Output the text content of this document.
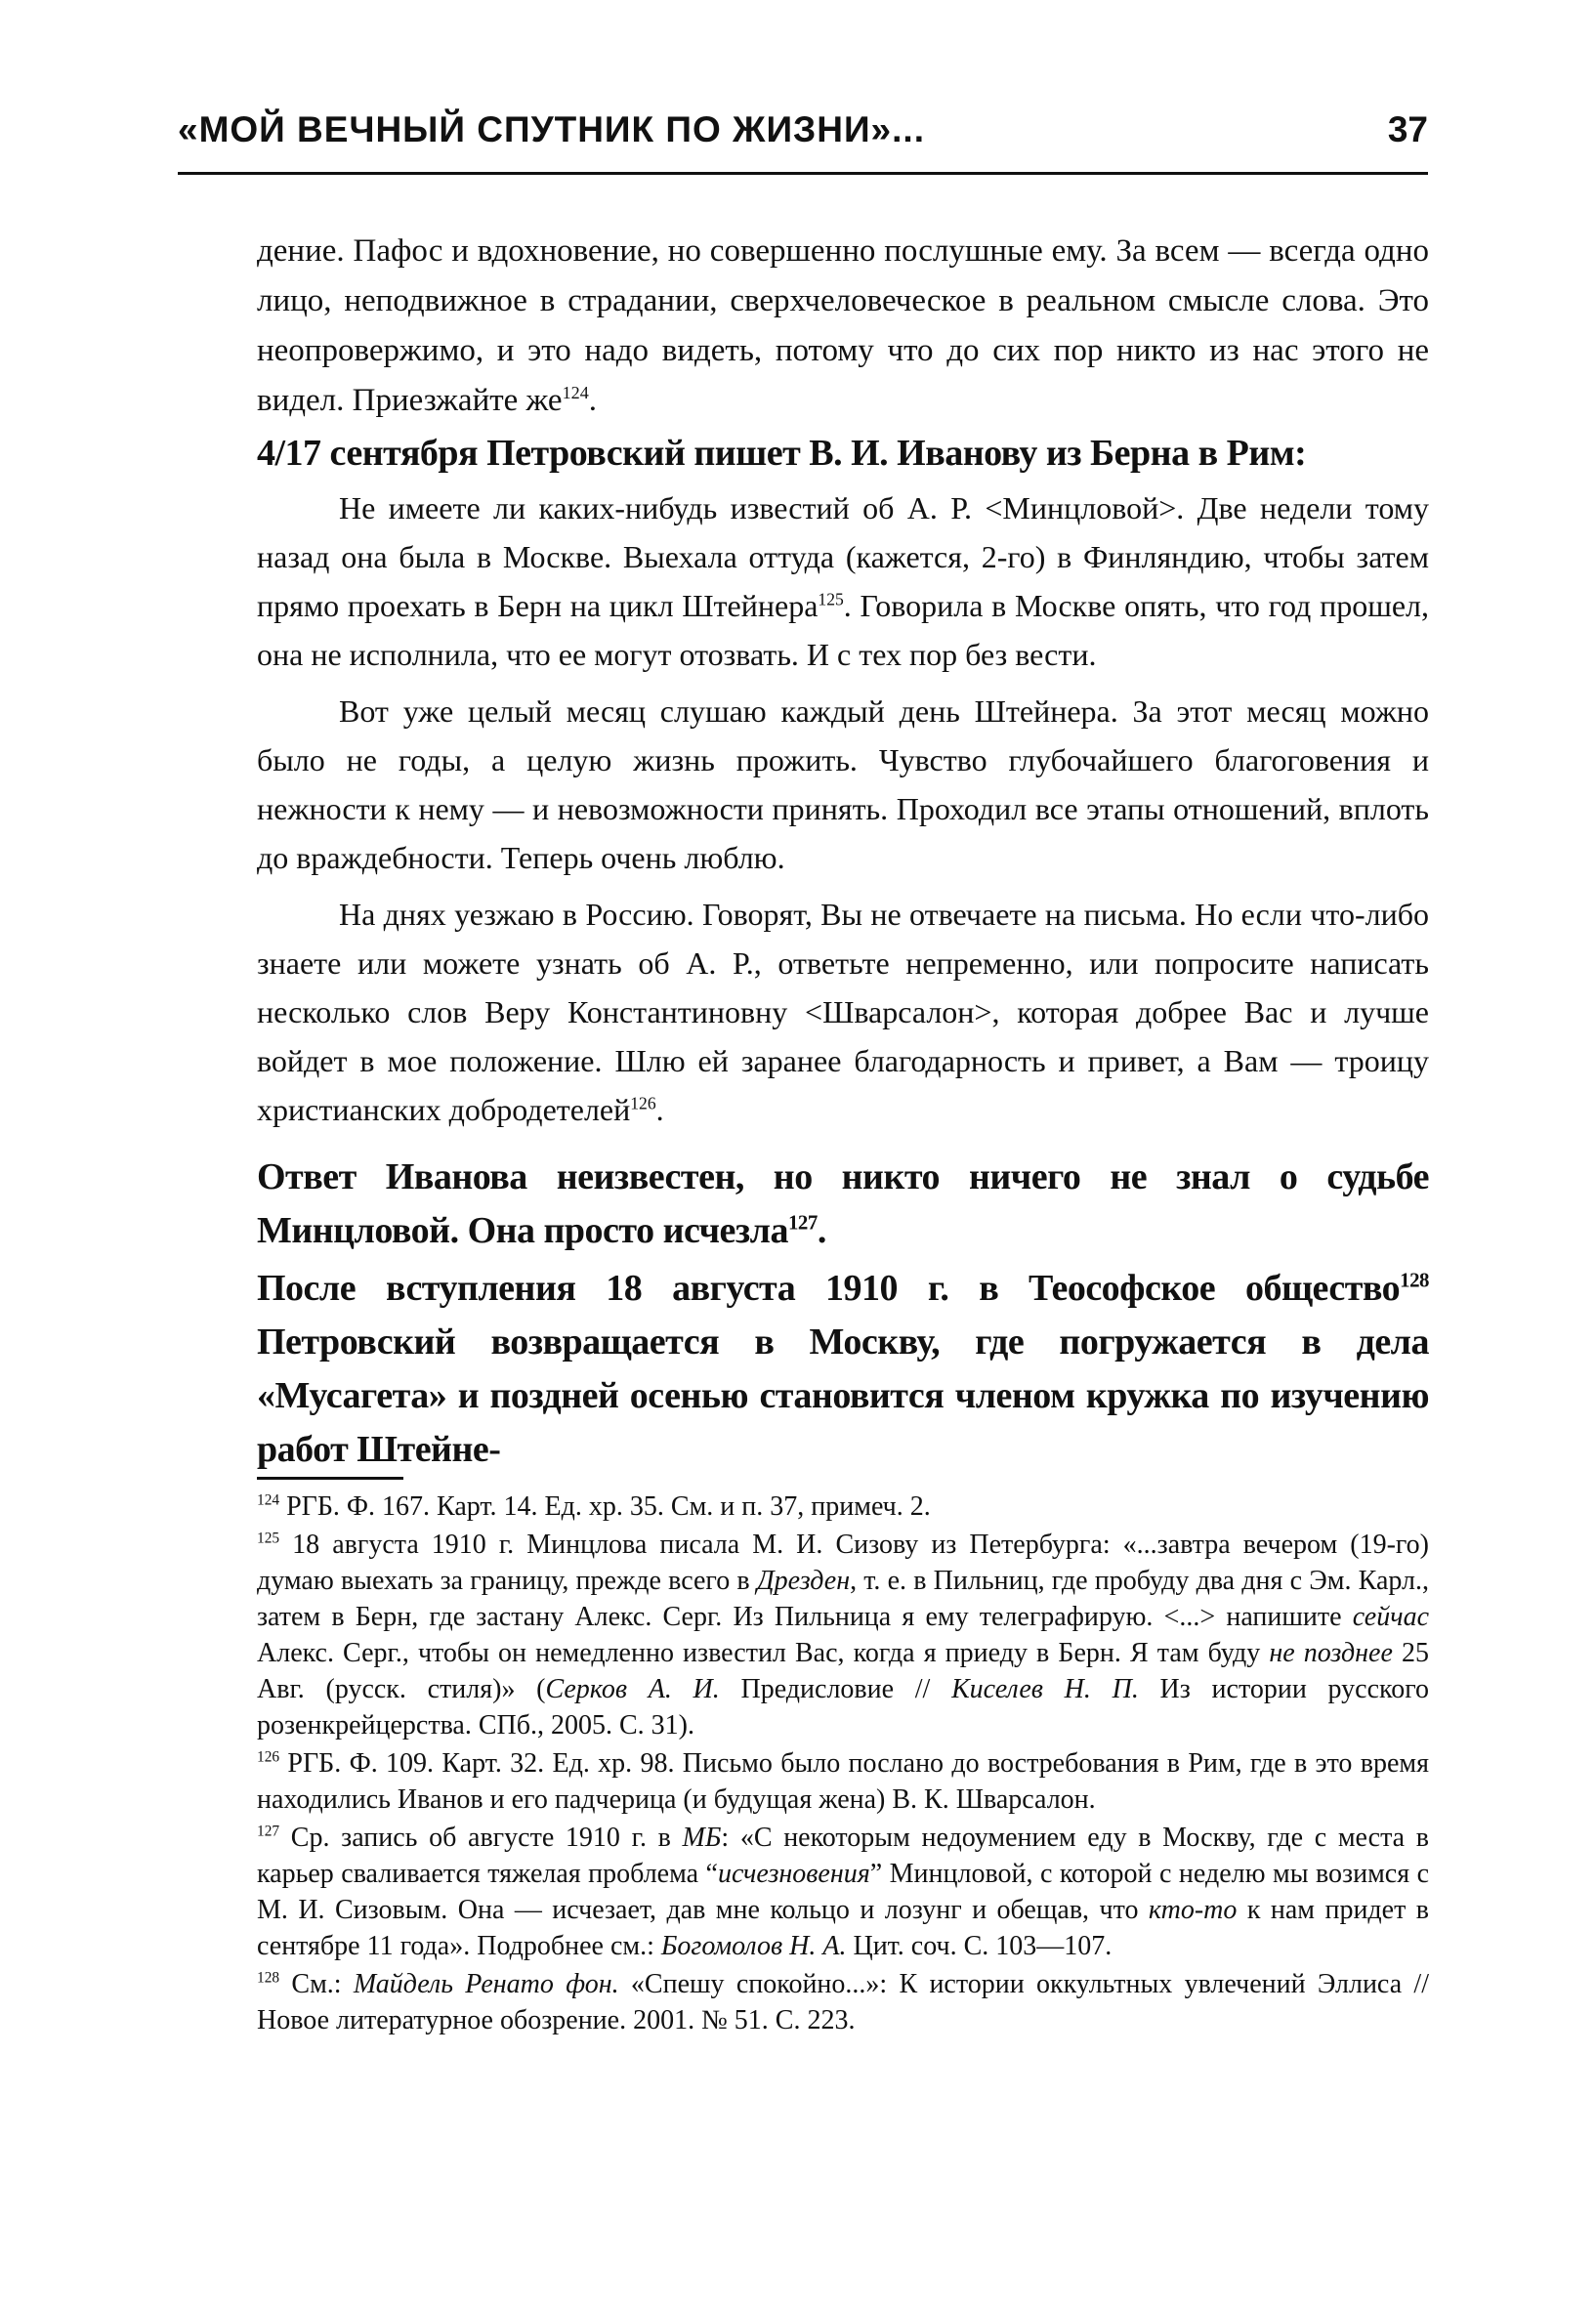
«МОЙ ВЕЧНЫЙ СПУТНИК ПО ЖИЗНИ»...	37

дение. Пафос и вдохновение, но совершенно послушные ему. За всем — всегда одно лицо, неподвижное в страдании, сверхчеловеческое в реальном смысле слова. Это неопровержимо, и это надо видеть, потому что до сих пор никто из нас этого не видел. Приезжайте $же^{124}$.

4/17 сентября Петровский пишет В. И. Иванову из Берна в Рим:

Не имеете ли каких-нибудь известий об А. Р. <Минцловой>. Две недели тому назад она была в Москве. Выехала оттуда (кажется, 2-го) в Финляндию, чтобы затем прямо проехать в Берн на цикл Штейнера$^{125}$. Говорила в Москве опять, что год прошел, она не исполнила, что ее могут отозвать. И с тех пор без вести.

Вот уже целый месяц слушаю каждый день Штейнера. За этот месяц можно было не годы, а целую жизнь прожить. Чувство глубочайшего благоговения и нежности к нему — и невозможности принять. Проходил все этапы отношений, вплоть до враждебности. Теперь очень люблю.

На днях уезжаю в Россию. Говорят, Вы не отвечаете на письма. Но если что-либо знаете или можете узнать об А. Р., ответьте непременно, или попросите написать несколько слов Веру Константиновну <Шварсалон>, которая добрее Вас и лучше войдет в мое положение. Шлю ей заранее благодарность и привет, а Вам — троицу христианских добродетелей$^{126}$.

Ответ Иванова неизвестен, но никто ничего не знал о судьбе Минцловой. Она просто исчезла$^{127}$.

После вступления 18 августа 1910 г. в Теософское общество$^{128}$ Петровский возвращается в Москву, где погружается в дела «Мусагета» и поздней осенью становится членом кружка по изучению работ Штейне-

$^{124}$ РГБ. Ф. 167. Карт. 14. Ед. хр. 35. См. и п. 37, примеч. 2.

$^{125}$ 18 августа 1910 г. Минцлова писала М. И. Сизову из Петербурга: «...завтра вечером (19-го) думаю выехать за границу, прежде всего в Дрезден, т. е. в Пильниц, где пробуду два дня с Эм. Карл., затем в Берн, где застану Алекс. Серг. Из Пильница я ему телеграфирую. <...> напишите сейчас Алекс. Серг., чтобы он немедленно известил Вас, когда я приеду в Берн. Я там буду не позднее 25 Авг. (русск. стиля)» (Серков А. И. Предисловие // Киселев Н. П. Из истории русского розенкрейцерства. СПб., 2005. С. 31).

$^{126}$ РГБ. Ф. 109. Карт. 32. Ед. хр. 98. Письмо было послано до востребования в Рим, где в это время находились Иванов и его падчерица (и будущая жена) В. К. Шварсалон.

$^{127}$ Ср. запись об августе 1910 г. в МБ: «С некоторым недоумением еду в Москву, где с места в карьер сваливается тяжелая проблема “исчезновения” Минцловой, с которой с неделю мы возимся с М. И. Сизовым. Она — исчезает, дав мне кольцо и лозунг и обещав, что кто-то к нам придет в сентябре 11 года». Подробнее см.: Богомолов Н. А. Цит. соч. С. 103—107.

$^{128}$ См.: Майдель Ренато фон. «Спешу спокойно...»: К истории оккультных увлечений Эллиса // Новое литературное обозрение. 2001. № 51. С. 223.
